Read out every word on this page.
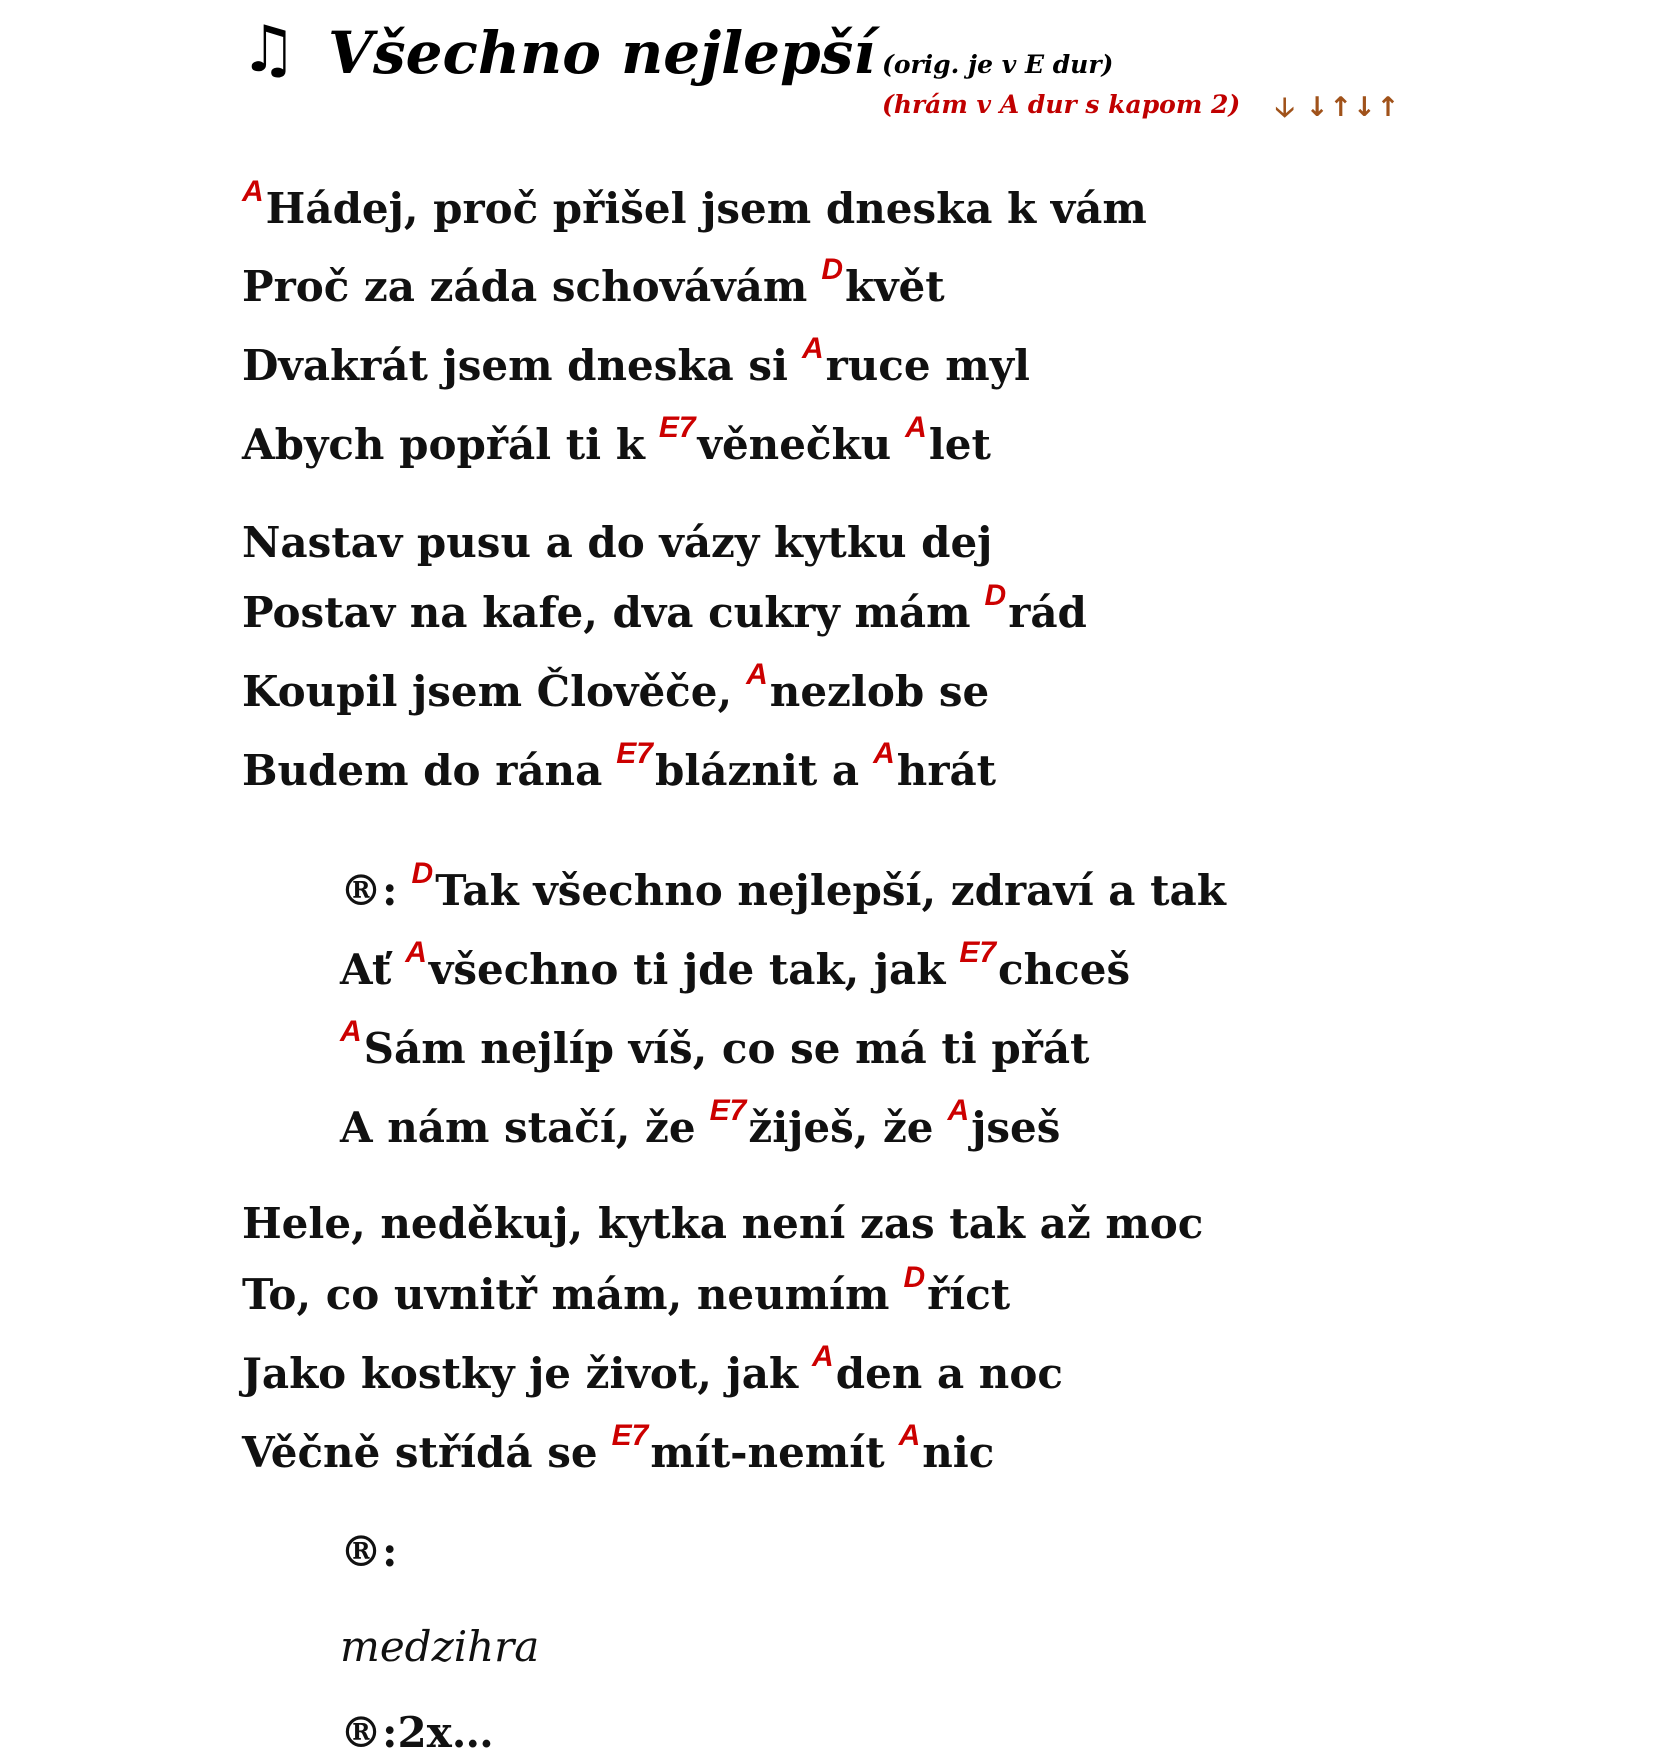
♫ Všechno nejlepší (orig. je v E dur)
(hrám v A dur s kapom 2) 🡣 ↓↑↓↑
$^A$Hádej, proč přišel jsem dneska k vám
Proč za záda schovávám $^D$květ
Dvakrát jsem dneska si $^A$ruce myl
Abych popřál ti k $^{E7}$věnečku $^A$let
Nastav pusu a do vázy kytku dej
Postav na kafe, dva cukry mám $^D$rád
Koupil jsem Člověče, $^A$nezlob se
Budem do rána $^{E7}$bláznit a $^A$hrát
®: $^D$Tak všechno nejlepší, zdraví a tak
Ať $^A$všechno ti jde tak, jak $^{E7}$chceš
$^A$Sám nejlíp víš, co se má ti přát
A nám stačí, že $^{E7}$žiješ, že $^A$jseš
Hele, neděkuj, kytka není zas tak až moc
To, co uvnitř mám, neumím $^D$říct
Jako kostky je život, jak $^A$den a noc
Věčně střídá se $^{E7}$mít-nemít $^A$nic
®:
medzihra
®:2x…
